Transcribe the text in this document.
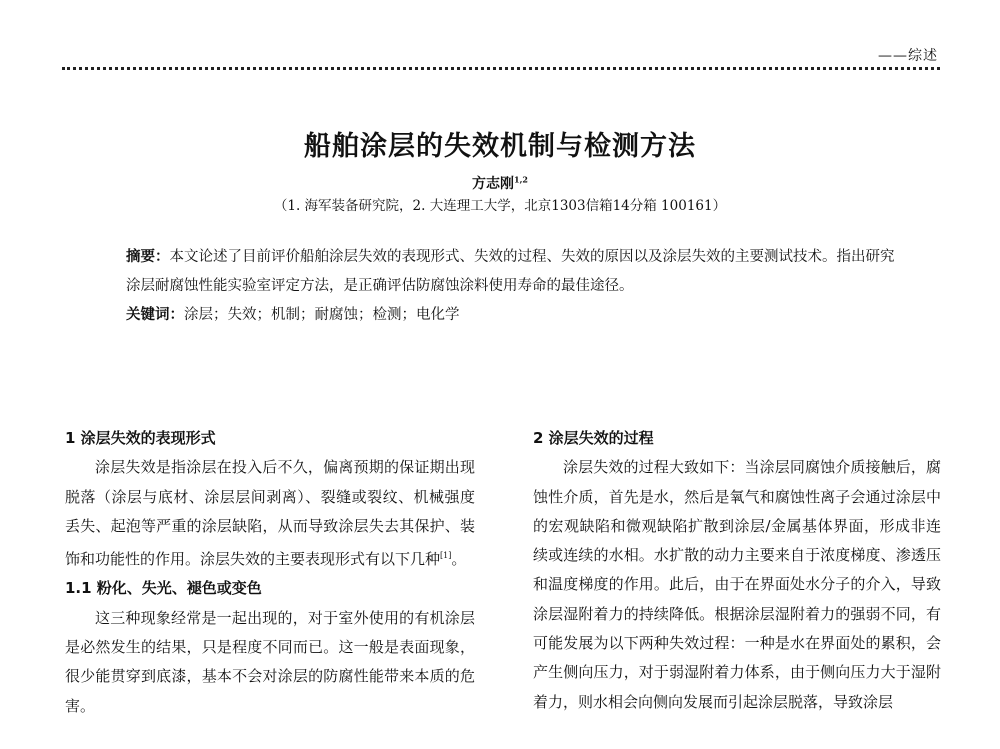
——综述
船舶涂层的失效机制与检测方法
方志刚$^{1,2}$
（1. 海军装备研究院，2. 大连理工大学，北京1303信箱14分箱 100161）

摘要：本文论述了目前评价船舶涂层失效的表现形式、失效的过程、失效的原因以及涂层失效的主要测试技术。指出研究涂层耐腐蚀性能实验室评定方法，是正确评估防腐蚀涂料使用寿命的最佳途径。

关键词：涂层；失效；机制；耐腐蚀；检测；电化学

1 涂层失效的表现形式

涂层失效是指涂层在投入后不久，偏离预期的保证期出现脱落（涂层与底材、涂层层间剥离）、裂缝或裂纹、机械强度丢失、起泡等严重的涂层缺陷，从而导致涂层失去其保护、装饰和功能性的作用。涂层失效的主要表现形式有以下几种[1]。

1.1 粉化、失光、褪色或变色

这三种现象经常是一起出现的，对于室外使用的有机涂层是必然发生的结果，只是程度不同而已。这一般是表面现象，很少能贯穿到底漆，基本不会对涂层的防腐性能带来本质的危害。

2 涂层失效的过程

涂层失效的过程大致如下：当涂层同腐蚀介质接触后，腐蚀性介质，首先是水，然后是氧气和腐蚀性离子会通过涂层中的宏观缺陷和微观缺陷扩散到涂层/金属基体界面，形成非连续或连续的水相。水扩散的动力主要来自于浓度梯度、渗透压和温度梯度的作用。此后，由于在界面处水分子的介入，导致涂层湿附着力的持续降低。根据涂层湿附着力的强弱不同，有可能发展为以下两种失效过程：一种是水在界面处的累积，会产生侧向压力，对于弱湿附着力体系，由于侧向压力大于湿附着力，则水相会向侧向发展而引起涂层脱落，导致涂层
